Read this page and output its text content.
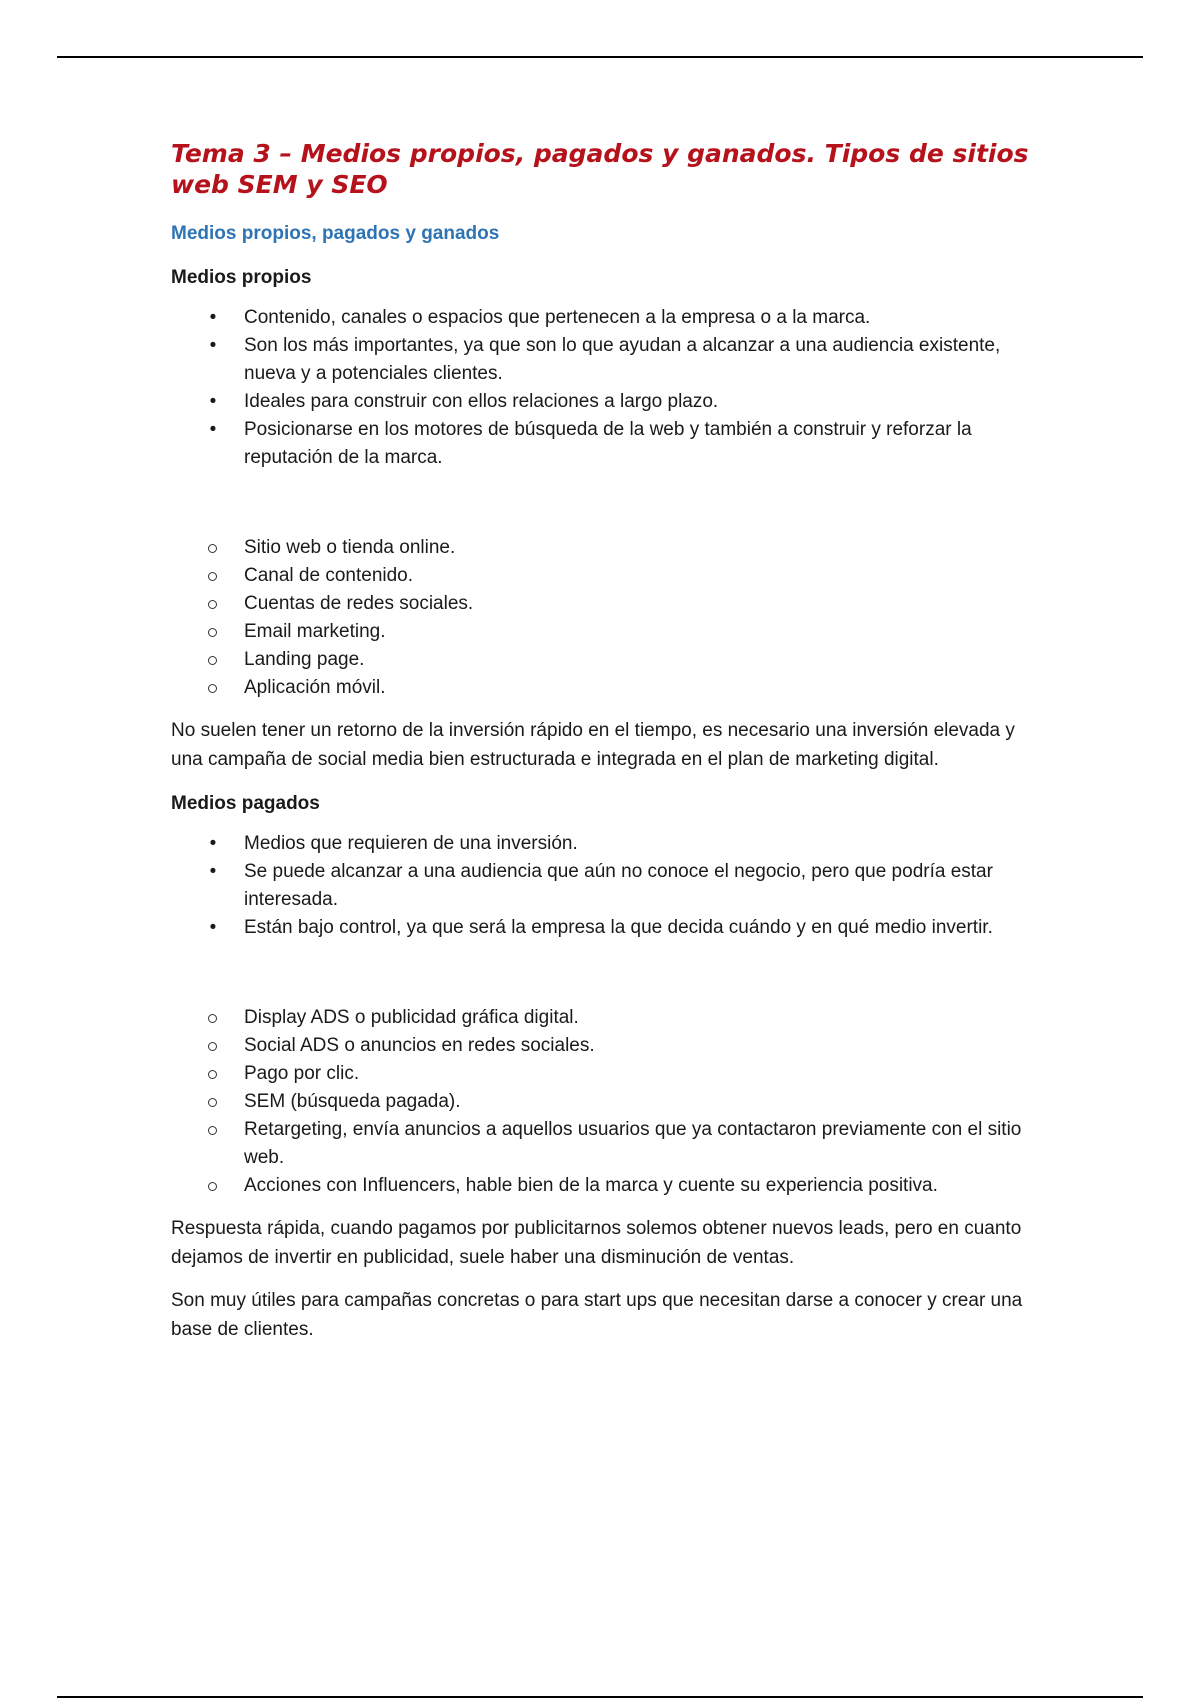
Tema 3 – Medios propios, pagados y ganados. Tipos de sitios web SEM y SEO
Medios propios, pagados y ganados
Medios propios
• Contenido, canales o espacios que pertenecen a la empresa o a la marca.
• Son los más importantes, ya que son lo que ayudan a alcanzar a una audiencia existente, nueva y a potenciales clientes.
• Ideales para construir con ellos relaciones a largo plazo.
• Posicionarse en los motores de búsqueda de la web y también a construir y reforzar la reputación de la marca.
Sitio web o tienda online.
Canal de contenido.
Cuentas de redes sociales.
Email marketing.
Landing page.
Aplicación móvil.

No suelen tener un retorno de la inversión rápido en el tiempo, es necesario una inversión elevada y una campaña de social media bien estructurada e integrada en el plan de marketing digital.

Medios pagados
• Medios que requieren de una inversión.
• Se puede alcanzar a una audiencia que aún no conoce el negocio, pero que podría estar interesada.
• Están bajo control, ya que será la empresa la que decida cuándo y en qué medio invertir.
Display ADS o publicidad gráfica digital.
Social ADS o anuncios en redes sociales.
Pago por clic.
SEM (búsqueda pagada).
Retargeting, envía anuncios a aquellos usuarios que ya contactaron previamente con el sitio web.
Acciones con Influencers, hable bien de la marca y cuente su experiencia positiva.

Respuesta rápida, cuando pagamos por publicitarnos solemos obtener nuevos leads, pero en cuanto dejamos de invertir en publicidad, suele haber una disminución de ventas.

Son muy útiles para campañas concretas o para start ups que necesitan darse a conocer y crear una base de clientes.
